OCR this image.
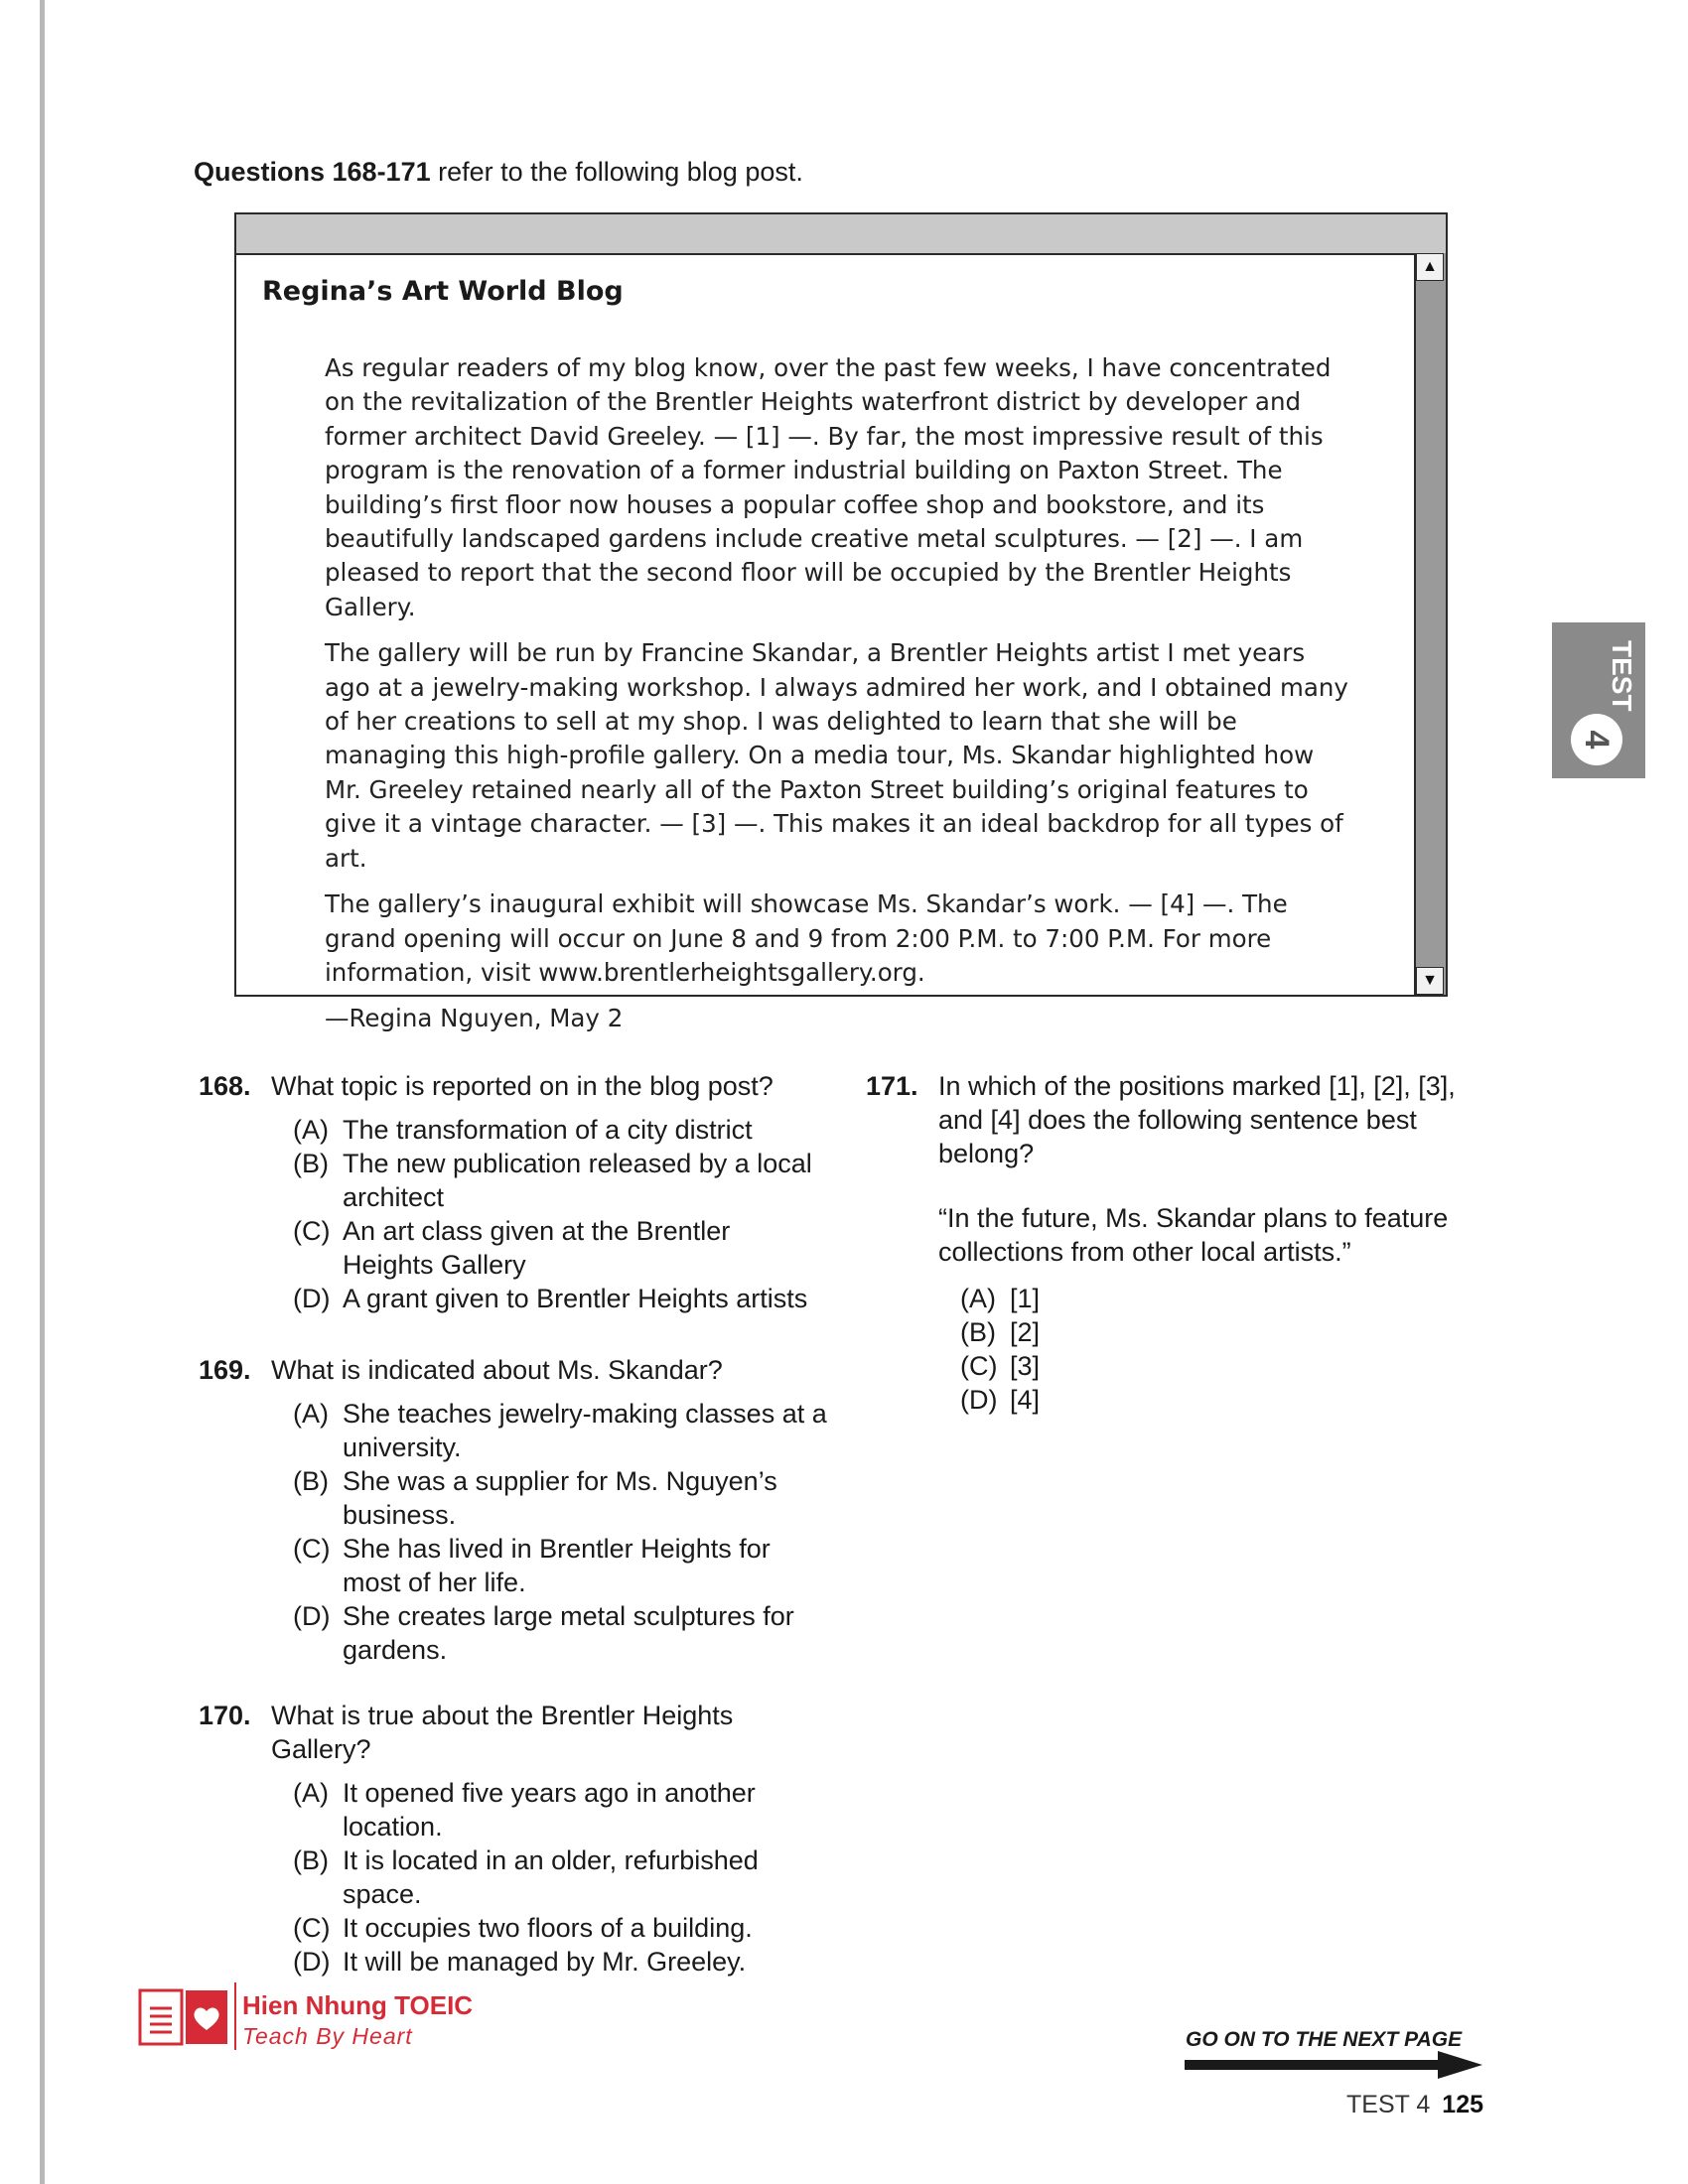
Questions 168-171 refer to the following blog post.
▲
▼
Regina’s Art World Blog

As regular readers of my blog know, over the past few weeks, I have concentrated on the revitalization of the Brentler Heights waterfront district by developer and former architect David Greeley. — [1] —. By far, the most impressive result of this program is the renovation of a former industrial building on Paxton Street. The building’s first floor now houses a popular coffee shop and bookstore, and its beautifully landscaped gardens include creative metal sculptures. — [2] —. I am pleased to report that the second floor will be occupied by the Brentler Heights Gallery.

The gallery will be run by Francine Skandar, a Brentler Heights artist I met years ago at a jewelry-making workshop. I always admired her work, and I obtained many of her creations to sell at my shop. I was delighted to learn that she will be managing this high-profile gallery. On a media tour, Ms. Skandar highlighted how Mr. Greeley retained nearly all of the Paxton Street building’s original features to give it a vintage character. — [3] —. This makes it an ideal backdrop for all types of art.

The gallery’s inaugural exhibit will showcase Ms. Skandar’s work. — [4] —. The grand opening will occur on June 8 and 9 from 2:00 P.M. to 7:00 P.M. For more information, visit www.brentlerheightsgallery.org.

—Regina Nguyen, May 2

168. What topic is reported on in the blog post?

(A) The transformation of a city district

(B) The new publication released by a local architect

(C) An art class given at the Brentler Heights Gallery

(D) A grant given to Brentler Heights artists

169. What is indicated about Ms. Skandar?

(A) She teaches jewelry-making classes at a university.

(B) She was a supplier for Ms. Nguyen’s business.

(C) She has lived in Brentler Heights for most of her life.

(D) She creates large metal sculptures for gardens.

170. What is true about the Brentler Heights Gallery?

(A) It opened five years ago in another location.

(B) It is located in an older, refurbished space.

(C) It occupies two floors of a building.

(D) It will be managed by Mr. Greeley.

171. In which of the positions marked [1], [2], [3], and [4] does the following sentence best belong?
“In the future, Ms. Skandar plans to feature collections from other local artists.”

(A) [1]

(B) [2]

(C) [3]

(D) [4]

TEST
4
Hien Nhung TOEIC
Teach By Heart	GO ON TO THE NEXT PAGE
TEST 4 125
